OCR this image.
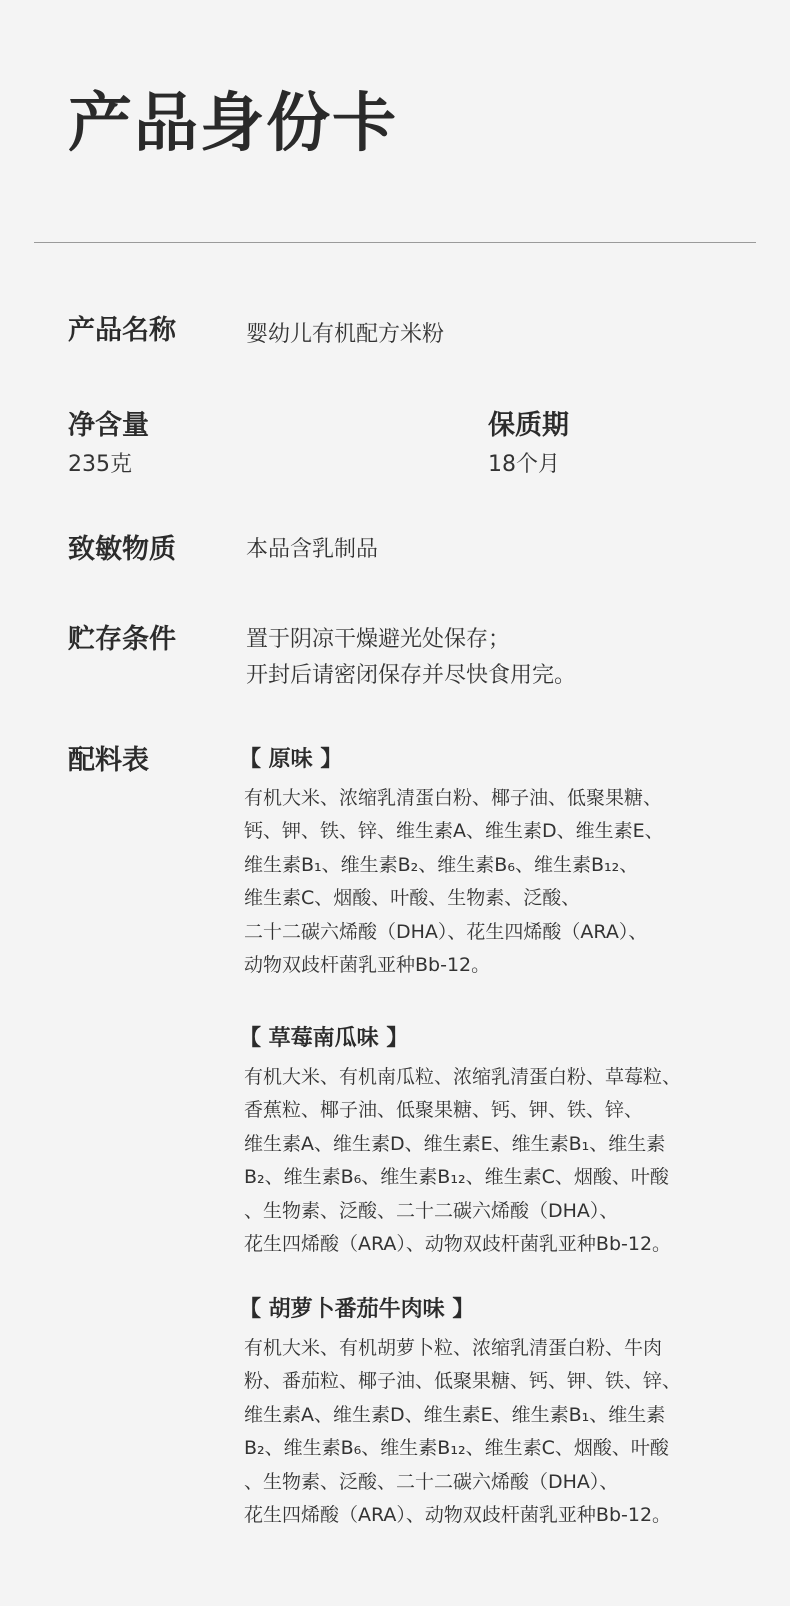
产品身份卡
产品名称	婴幼儿有机配方米粉
净含量
235克
保质期
18个月
致敏物质	本品含乳制品
贮存条件	置于阴凉干燥避光处保存；
开封后请密闭保存并尽快食用完。
配料表	【 原味 】
有机大米、浓缩乳清蛋白粉、椰子油、低聚果糖、
钙、钾、铁、锌、维生素A、维生素D、维生素E、
维生素B₁、维生素B₂、维生素B₆、维生素B₁₂、
维生素C、烟酸、叶酸、生物素、泛酸、
二十二碳六烯酸（DHA）、花生四烯酸（ARA）、
动物双歧杆菌乳亚种Bb-12。
【 草莓南瓜味 】
有机大米、有机南瓜粒、浓缩乳清蛋白粉、草莓粒、
香蕉粒、椰子油、低聚果糖、钙、钾、铁、锌、
维生素A、维生素D、维生素E、维生素B₁、维生素
B₂、维生素B₆、维生素B₁₂、维生素C、烟酸、叶酸
、生物素、泛酸、二十二碳六烯酸（DHA）、
花生四烯酸（ARA）、动物双歧杆菌乳亚种Bb-12。
【 胡萝卜番茄牛肉味 】
有机大米、有机胡萝卜粒、浓缩乳清蛋白粉、牛肉
粉、番茄粒、椰子油、低聚果糖、钙、钾、铁、锌、
维生素A、维生素D、维生素E、维生素B₁、维生素
B₂、维生素B₆、维生素B₁₂、维生素C、烟酸、叶酸
、生物素、泛酸、二十二碳六烯酸（DHA）、
花生四烯酸（ARA）、动物双歧杆菌乳亚种Bb-12。
